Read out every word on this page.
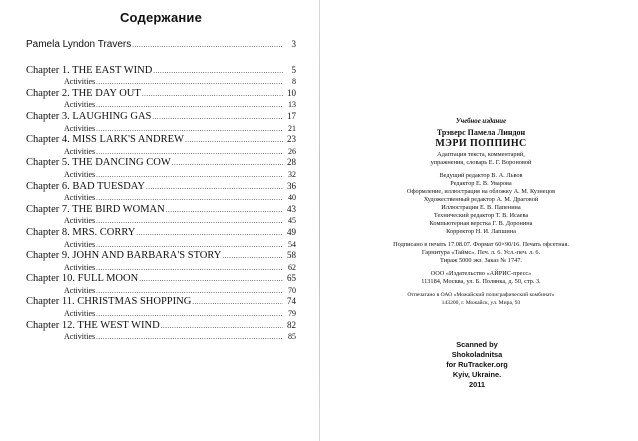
Содержание
Pamela Lyndon Travers .....	3
Chapter 1. THE EAST WIND .....	5
Activities .....	8
Chapter 2. THE DAY OUT .....	10
Activities .....	13
Chapter 3. LAUGHING GAS .....	17
Activities .....	21
Chapter 4. MISS LARK'S ANDREW .....	23
Activities .....	26
Chapter 5. THE DANCING COW .....	28
Activities .....	32
Chapter 6. BAD TUESDAY .....	36
Activities .....	40
Chapter 7. THE BIRD WOMAN .....	43
Activities .....	45
Chapter 8. MRS. CORRY .....	49
Activities .....	54
Chapter 9. JOHN AND BARBARA'S STORY .....	58
Activities .....	62
Chapter 10. FULL MOON .....	65
Activities .....	70
Chapter 11. CHRISTMAS SHOPPING .....	74
Activities .....	79
Chapter 12. THE WEST WIND .....	82
Activities .....	85
Учебное издание
Трэверс Памела Линдон
МЭРИ ПОППИНС
Адаптация текста, комментарий,
упражнения, словарь Е. Г. Вороновой
Ведущий редактор В. А. Львов
Редактор Е. В. Уварова
Оформление, иллюстрация на обложку А. М. Кузнецов
Художественный редактор А. М. Драговой
Иллюстрации Е. В. Папенина
Технический редактор Т. В. Исаева
Компьютерная верстка Г. В. Доронина
Корректор Н. И. Лапшина
Подписано в печать 17.08.07. Формат 60×90/16. Печать офсетная.
Гарнитура «Таймс». Печ. л. 6. Усл.-печ. л. 6.
Тираж 5000 экз. Заказ № 1747.
ООО «Издательство «АЙРИС-пресс»
113184, Москва, ул. Б. Полянка, д. 50, стр. 3.
Отпечатано в ОАО «Можайский полиграфический комбинат»
143200, г. Можайск, ул. Мира, 93
Scanned by Shokoladnitsa
for RuTracker.org
Kyiv, Ukraine.
2011
